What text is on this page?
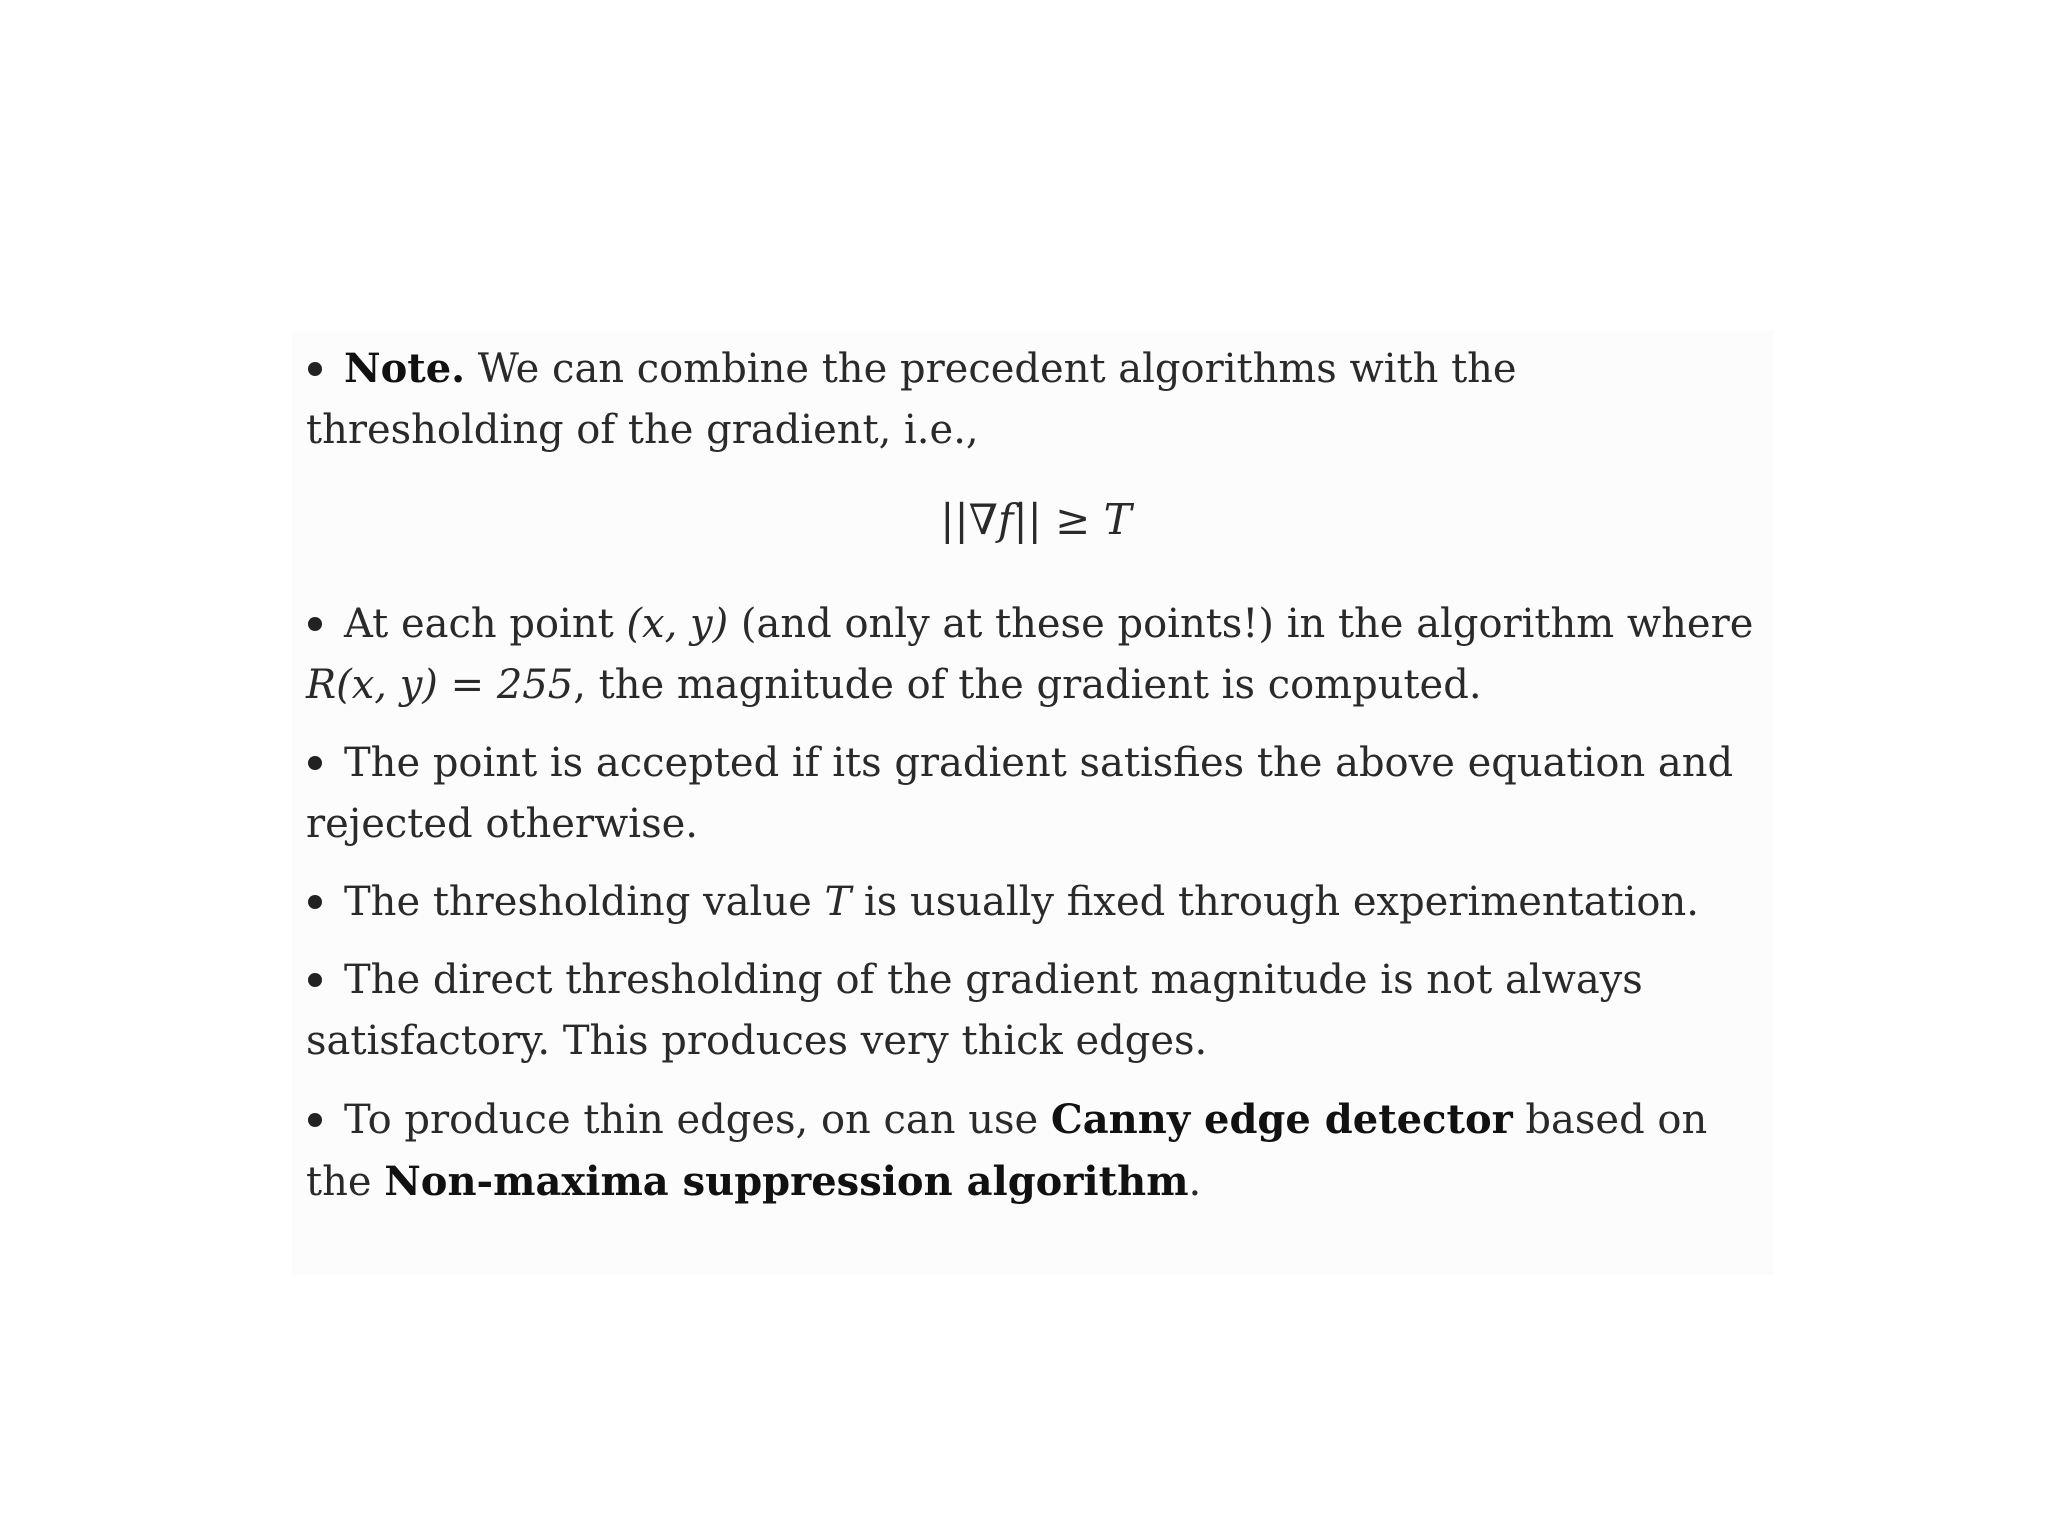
Note. We can combine the precedent algorithms with the thresholding of the gradient, i.e.,

||∇f|| ≥ T

At each point (x, y) (and only at these points!) in the algorithm where R(x, y) = 255, the magnitude of the gradient is computed.

The point is accepted if its gradient satisfies the above equation and rejected otherwise.

The thresholding value T is usually fixed through experimentation.

The direct thresholding of the gradient magnitude is not always satisfactory. This produces very thick edges.

To produce thin edges, on can use Canny edge detector based on the Non-maxima suppression algorithm.
